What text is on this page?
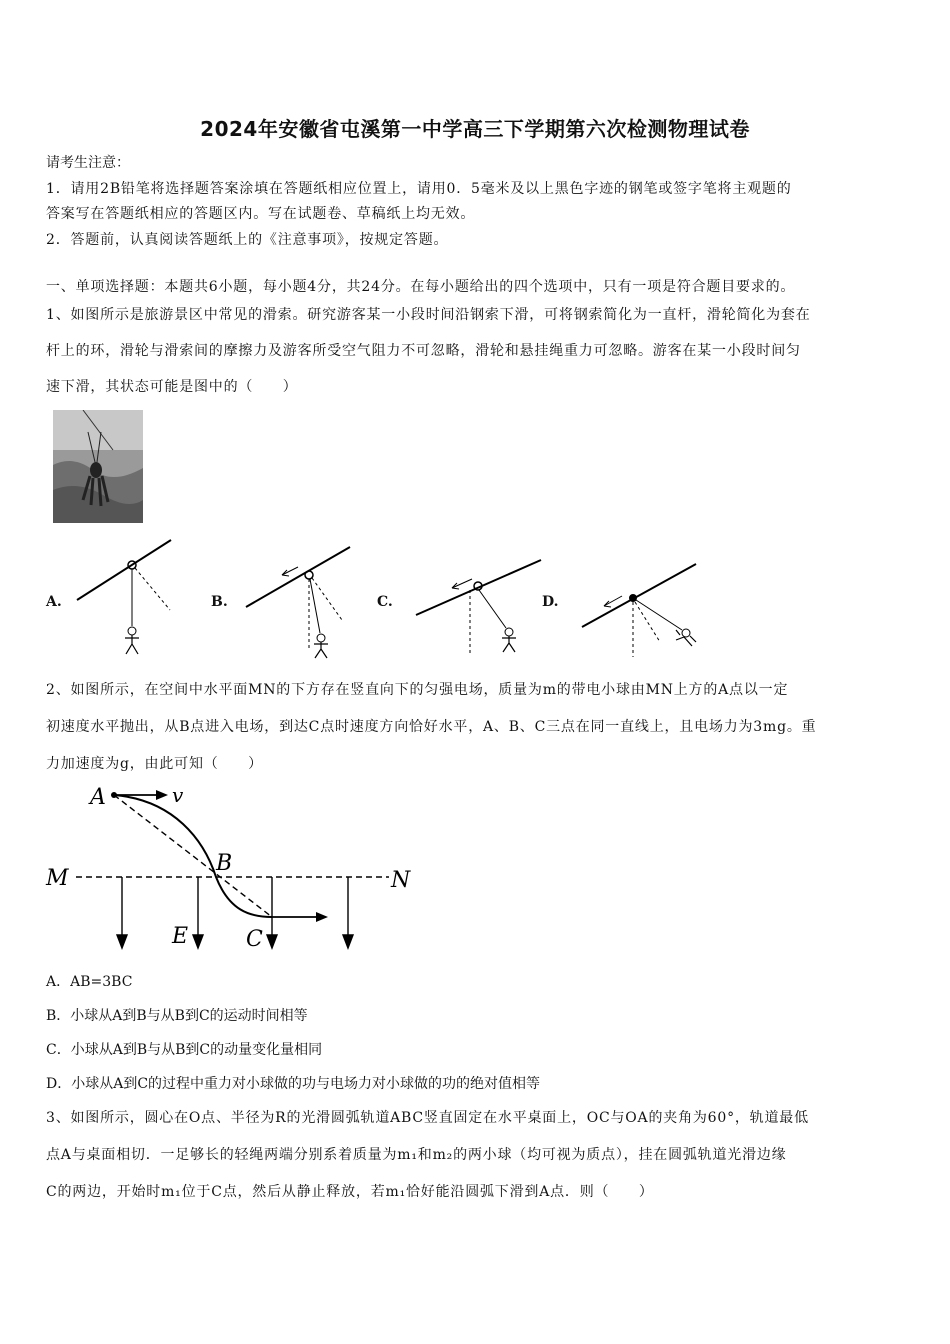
2024年安徽省屯溪第一中学高三下学期第六次检测物理试卷
请考生注意：
1．请用2B铅笔将选择题答案涂填在答题纸相应位置上，请用0．5毫米及以上黑色字迹的钢笔或签字笔将主观题的
答案写在答题纸相应的答题区内。写在试题卷、草稿纸上均无效。
2．答题前，认真阅读答题纸上的《注意事项》，按规定答题。
一、单项选择题：本题共6小题，每小题4分，共24分。在每小题给出的四个选项中，只有一项是符合题目要求的。
1、如图所示是旅游景区中常见的滑索。研究游客某一小段时间沿钢索下滑，可将钢索简化为一直杆，滑轮简化为套在
杆上的环，滑轮与滑索间的摩擦力及游客所受空气阻力不可忽略，滑轮和悬挂绳重力可忽略。游客在某一小段时间匀
速下滑，其状态可能是图中的（　　）
A.	B.	C.	D.
2、如图所示，在空间中水平面MN的下方存在竖直向下的匀强电场，质量为m的带电小球由MN上方的A点以一定
初速度水平抛出，从B点进入电场，到达C点时速度方向恰好水平，A、B、C三点在同一直线上，且电场力为3mg。重
力加速度为g，由此可知（　　）
A	v
B
M	N
E	C
A．AB=3BC
B．小球从A到B与从B到C的运动时间相等
C．小球从A到B与从B到C的动量变化量相同
D．小球从A到C的过程中重力对小球做的功与电场力对小球做的功的绝对值相等
3、如图所示，圆心在O点、半径为R的光滑圆弧轨道ABC竖直固定在水平桌面上，OC与OA的夹角为60°，轨道最低
点A与桌面相切．一足够长的轻绳两端分别系着质量为m₁和m₂的两小球（均可视为质点），挂在圆弧轨道光滑边缘
C的两边，开始时m₁位于C点，然后从静止释放，若m₁恰好能沿圆弧下滑到A点．则（　　）
